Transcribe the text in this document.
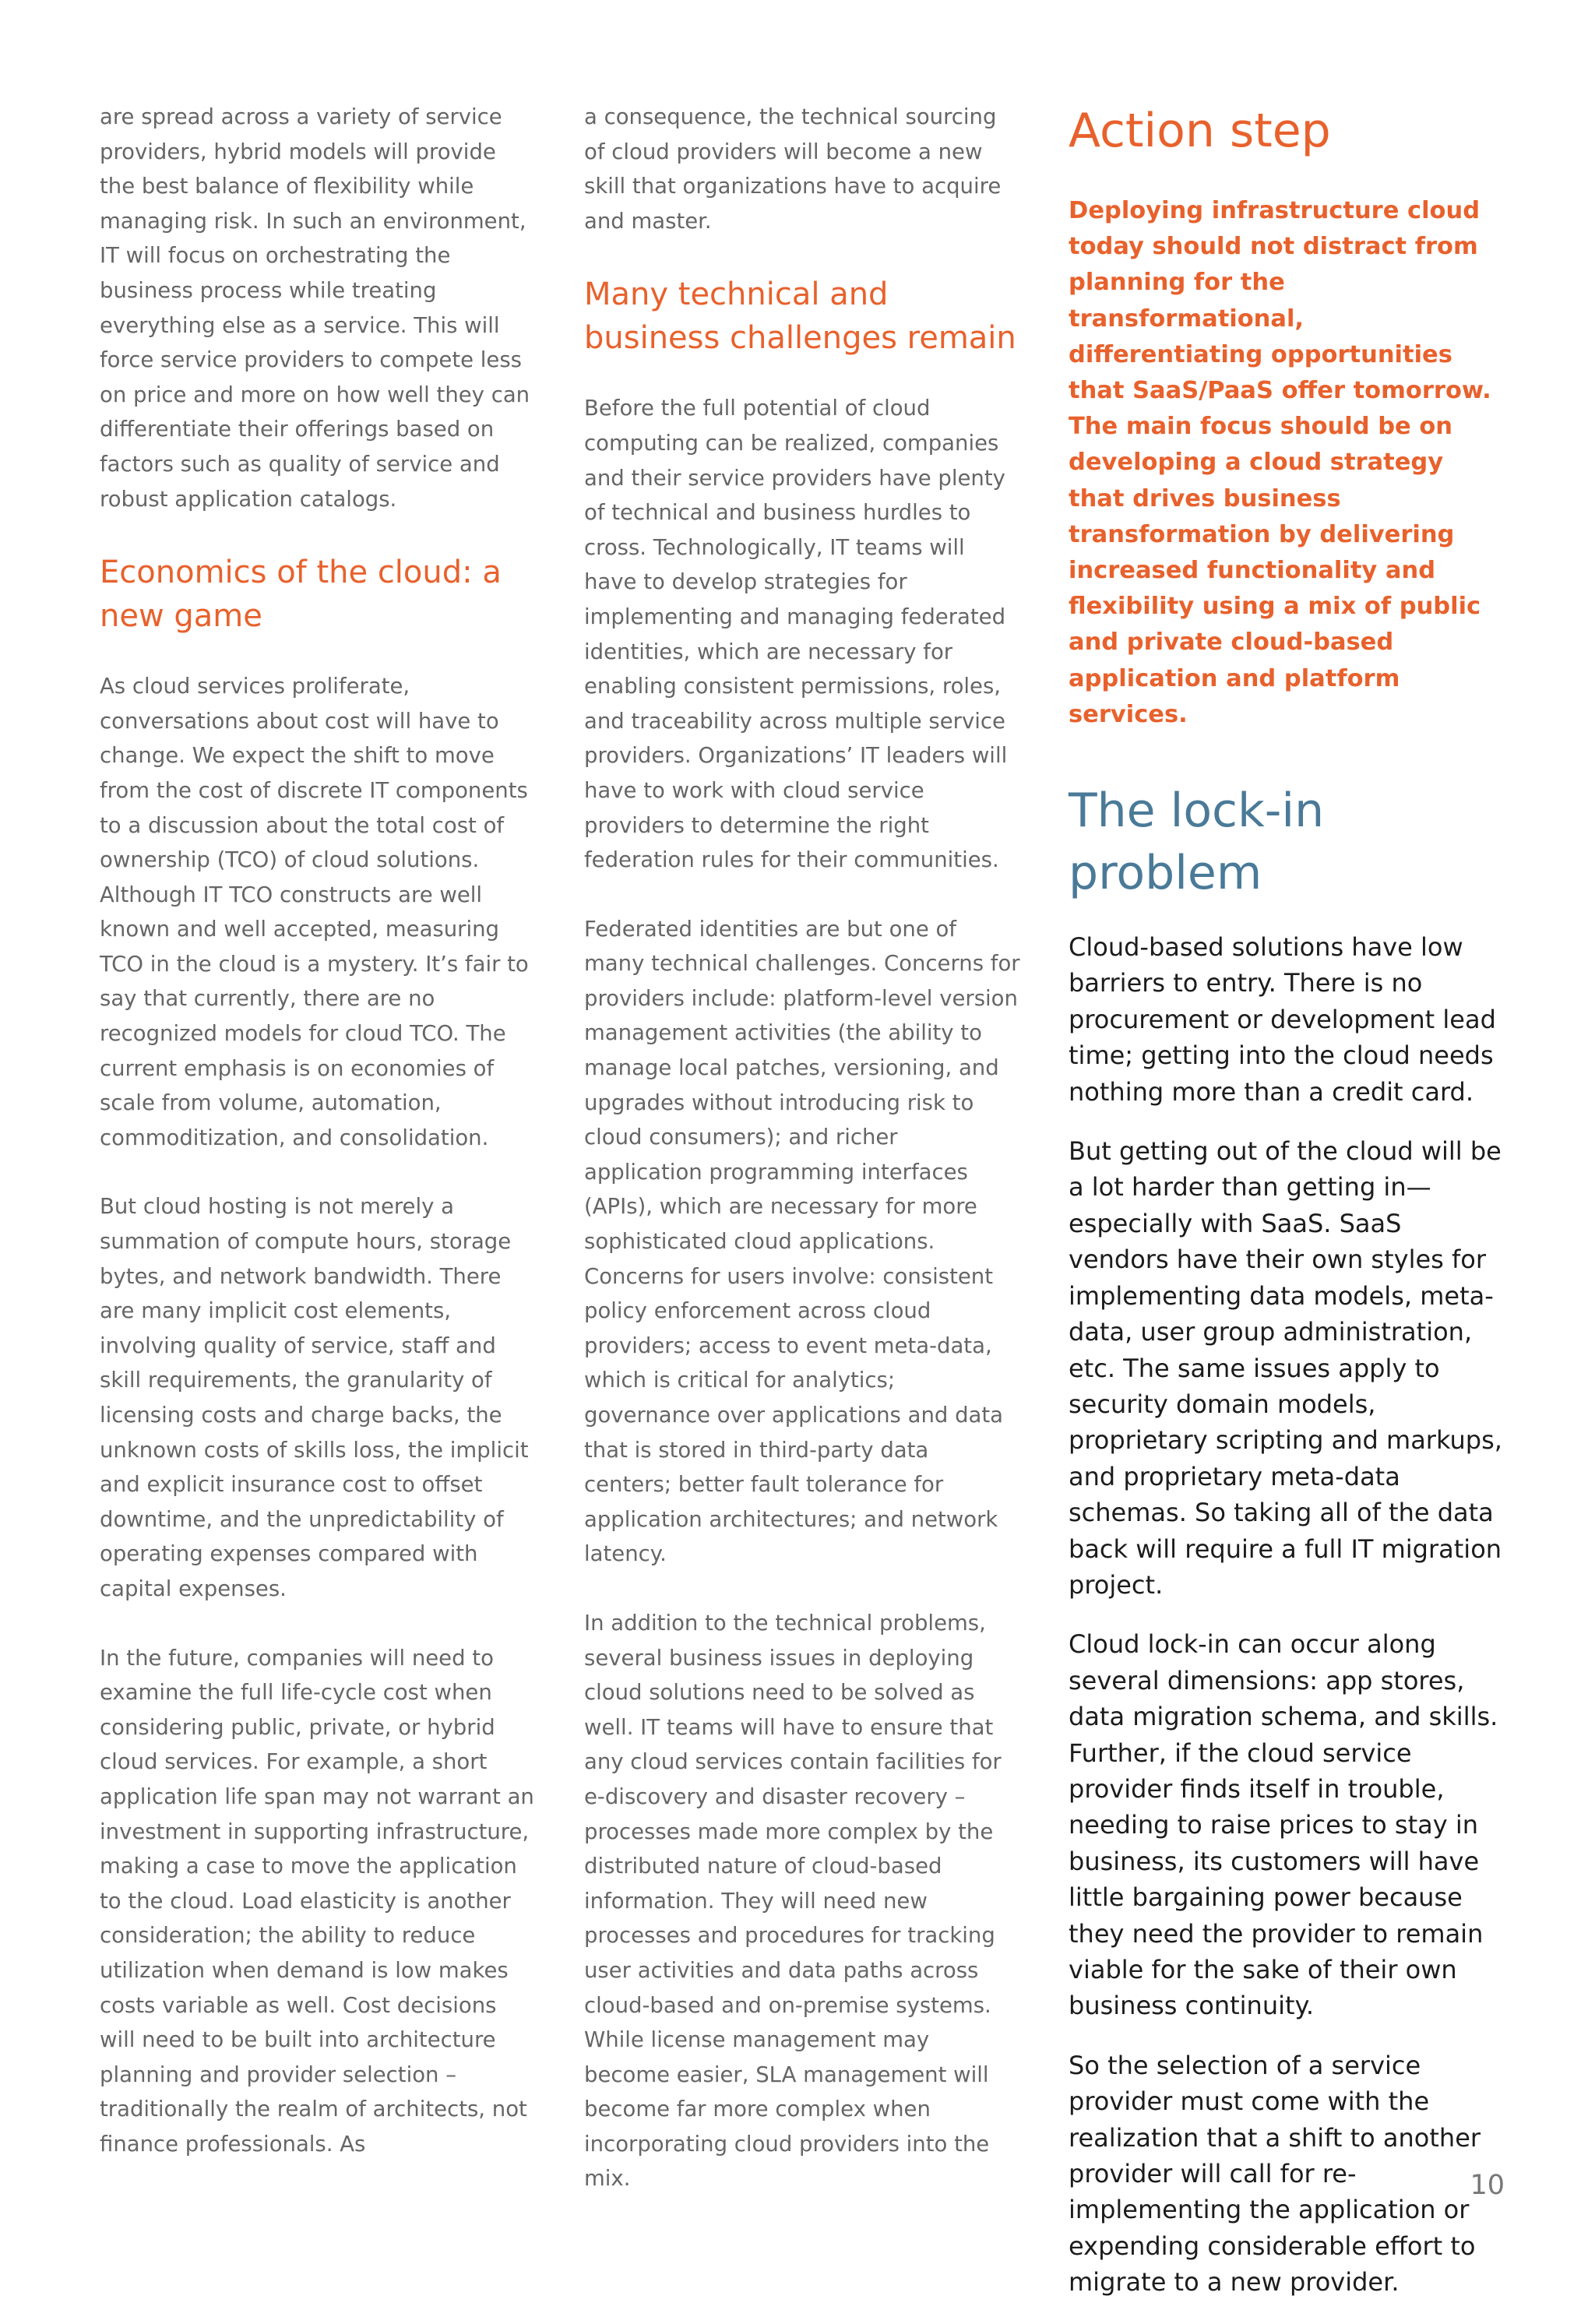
are spread across a variety of service providers, hybrid models will provide the best balance of flexibility while managing risk. In such an environment, IT will focus on orchestrating the business process while treating everything else as a service. This will force service providers to compete less on price and more on how well they can differentiate their offerings based on factors such as quality of service and robust application catalogs.

Economics of the cloud: a new game

As cloud services proliferate, conversations about cost will have to change. We expect the shift to move from the cost of discrete IT components to a discussion about the total cost of ownership (TCO) of cloud solutions. Although IT TCO constructs are well known and well accepted, measuring TCO in the cloud is a mystery. It’s fair to say that currently, there are no recognized models for cloud TCO. The current emphasis is on economies of scale from volume, automation, commoditization, and consolidation.

But cloud hosting is not merely a summation of compute hours, storage bytes, and network bandwidth. There are many implicit cost elements, involving quality of service, staff and skill requirements, the granularity of licensing costs and charge backs, the unknown costs of skills loss, the implicit and explicit insurance cost to offset downtime, and the unpredictability of operating expenses compared with capital expenses.

In the future, companies will need to examine the full life-cycle cost when considering public, private, or hybrid cloud services. For example, a short application life span may not warrant an investment in supporting infrastructure, making a case to move the application to the cloud. Load elasticity is another consideration; the ability to reduce utilization when demand is low makes costs variable as well. Cost decisions will need to be built into architecture planning and provider selection – traditionally the realm of architects, not finance professionals. As

a consequence, the technical sourcing of cloud providers will become a new skill that organizations have to acquire and master.

Many technical and business challenges remain

Before the full potential of cloud computing can be realized, companies and their service providers have plenty of technical and business hurdles to cross. Technologically, IT teams will have to develop strategies for implementing and managing federated identities, which are necessary for enabling consistent permissions, roles, and traceability across multiple service providers. Organizations’ IT leaders will have to work with cloud service providers to determine the right federation rules for their communities.

Federated identities are but one of many technical challenges. Concerns for providers include: platform-level version management activities (the ability to manage local patches, versioning, and upgrades without introducing risk to cloud consumers); and richer application programming interfaces (APIs), which are necessary for more sophisticated cloud applications. Concerns for users involve: consistent policy enforcement across cloud providers; access to event meta-data, which is critical for analytics; governance over applications and data that is stored in third-party data centers; better fault tolerance for application architectures; and network latency.

In addition to the technical problems, several business issues in deploying cloud solutions need to be solved as well. IT teams will have to ensure that any cloud services contain facilities for e-discovery and disaster recovery – processes made more complex by the distributed nature of cloud-based information. They will need new processes and procedures for tracking user activities and data paths across cloud-based and on-premise systems. While license management may become easier, SLA management will become far more complex when incorporating cloud providers into the mix.

Action step

Deploying infrastructure cloud today should not distract from planning for the transformational, differentiating opportunities that SaaS/PaaS offer tomorrow. The main focus should be on developing a cloud strategy that drives business transformation by delivering increased functionality and flexibility using a mix of public and private cloud-based application and platform services.

The lock-in problem

Cloud-based solutions have low barriers to entry. There is no procurement or development lead time; getting into the cloud needs nothing more than a credit card.

But getting out of the cloud will be a lot harder than getting in—especially with SaaS. SaaS vendors have their own styles for implementing data models, meta-data, user group administration, etc. The same issues apply to security domain models, proprietary scripting and markups, and proprietary meta-data schemas. So taking all of the data back will require a full IT migration project.

Cloud lock-in can occur along several dimensions: app stores, data migration schema, and skills. Further, if the cloud service provider finds itself in trouble, needing to raise prices to stay in business, its customers will have little bargaining power because they need the provider to remain viable for the sake of their own business continuity.

So the selection of a service provider must come with the realization that a shift to another provider will call for re-implementing the application or expending considerable effort to migrate to a new provider.

10
